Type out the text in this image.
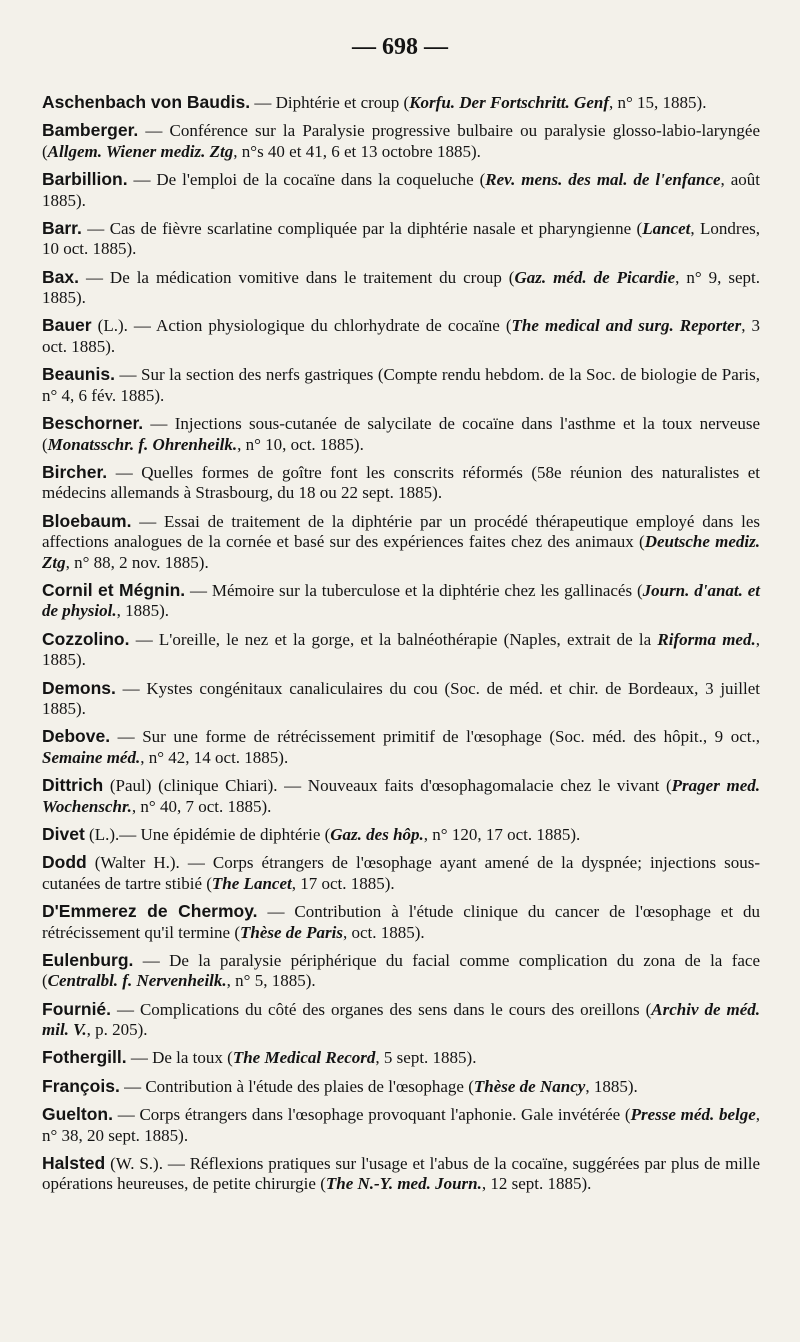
— 698 —

Aschenbach von Baudis. — Diphtérie et croup (Korfu. Der Fortschritt. Genf, n° 15, 1885).

Bamberger. — Conférence sur la Paralysie progressive bulbaire ou paralysie glosso-labio-laryngée (Allgem. Wiener mediz. Ztg, n°s 40 et 41, 6 et 13 octobre 1885).

Barbillion. — De l'emploi de la cocaïne dans la coqueluche (Rev. mens. des mal. de l'enfance, août 1885).

Barr. — Cas de fièvre scarlatine compliquée par la diphtérie nasale et pharyngienne (Lancet, Londres, 10 oct. 1885).

Bax. — De la médication vomitive dans le traitement du croup (Gaz. méd. de Picardie, n° 9, sept. 1885).

Bauer (L.). — Action physiologique du chlorhydrate de cocaïne (The medical and surg. Reporter, 3 oct. 1885).

Beaunis. — Sur la section des nerfs gastriques (Compte rendu hebdom. de la Soc. de biologie de Paris, n° 4, 6 fév. 1885).

Beschorner. — Injections sous-cutanée de salycilate de cocaïne dans l'asthme et la toux nerveuse (Monatsschr. f. Ohrenheilk., n° 10, oct. 1885).

Bircher. — Quelles formes de goître font les conscrits réformés (58e réunion des naturalistes et médecins allemands à Strasbourg, du 18 ou 22 sept. 1885).

Bloebaum. — Essai de traitement de la diphtérie par un procédé thérapeutique employé dans les affections analogues de la cornée et basé sur des expériences faites chez des animaux (Deutsche mediz. Ztg, n° 88, 2 nov. 1885).

Cornil et Mégnin. — Mémoire sur la tuberculose et la diphtérie chez les gallinacés (Journ. d'anat. et de physiol., 1885).

Cozzolino. — L'oreille, le nez et la gorge, et la balnéothérapie (Naples, extrait de la Riforma med., 1885).

Demons. — Kystes congénitaux canaliculaires du cou (Soc. de méd. et chir. de Bordeaux, 3 juillet 1885).

Debove. — Sur une forme de rétrécissement primitif de l'œsophage (Soc. méd. des hôpit., 9 oct., Semaine méd., n° 42, 14 oct. 1885).

Dittrich (Paul) (clinique Chiari). — Nouveaux faits d'œsophagomalacie chez le vivant (Prager med. Wochenschr., n° 40, 7 oct. 1885).

Divet (L.).— Une épidémie de diphtérie (Gaz. des hôp., n° 120, 17 oct. 1885).

Dodd (Walter H.). — Corps étrangers de l'œsophage ayant amené de la dyspnée; injections sous-cutanées de tartre stibié (The Lancet, 17 oct. 1885).

D'Emmerez de Chermoy. — Contribution à l'étude clinique du cancer de l'œsophage et du rétrécissement qu'il termine (Thèse de Paris, oct. 1885).

Eulenburg. — De la paralysie périphérique du facial comme complication du zona de la face (Centralbl. f. Nervenheilk., n° 5, 1885).

Fournié. — Complications du côté des organes des sens dans le cours des oreillons (Archiv de méd. mil. V., p. 205).

Fothergill. — De la toux (The Medical Record, 5 sept. 1885).

François. — Contribution à l'étude des plaies de l'œsophage (Thèse de Nancy, 1885).

Guelton. — Corps étrangers dans l'œsophage provoquant l'aphonie. Gale invétérée (Presse méd. belge, n° 38, 20 sept. 1885).

Halsted (W. S.). — Réflexions pratiques sur l'usage et l'abus de la cocaïne, suggérées par plus de mille opérations heureuses, de petite chirurgie (The N.-Y. med. Journ., 12 sept. 1885).
